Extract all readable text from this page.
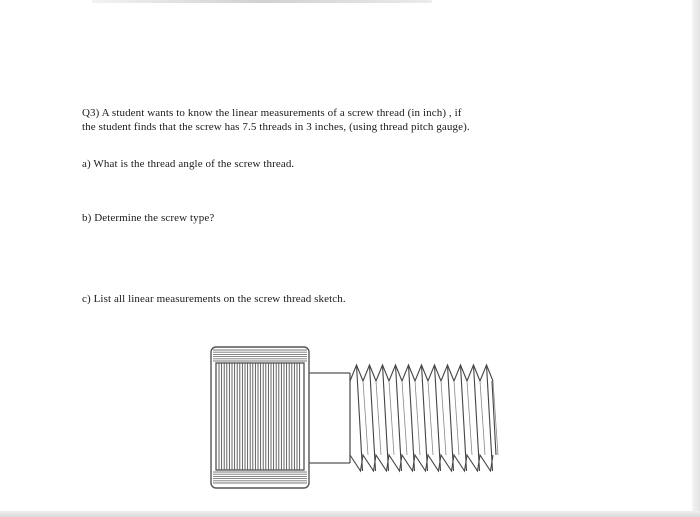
Q3) A student wants to know the linear measurements of a screw thread (in inch) , if
the student finds that the screw has 7.5 threads in 3 inches, (using thread pitch gauge).
a) What is the thread angle of the screw thread.
b) Determine the screw type?
c) List all linear measurements on the screw thread sketch.
